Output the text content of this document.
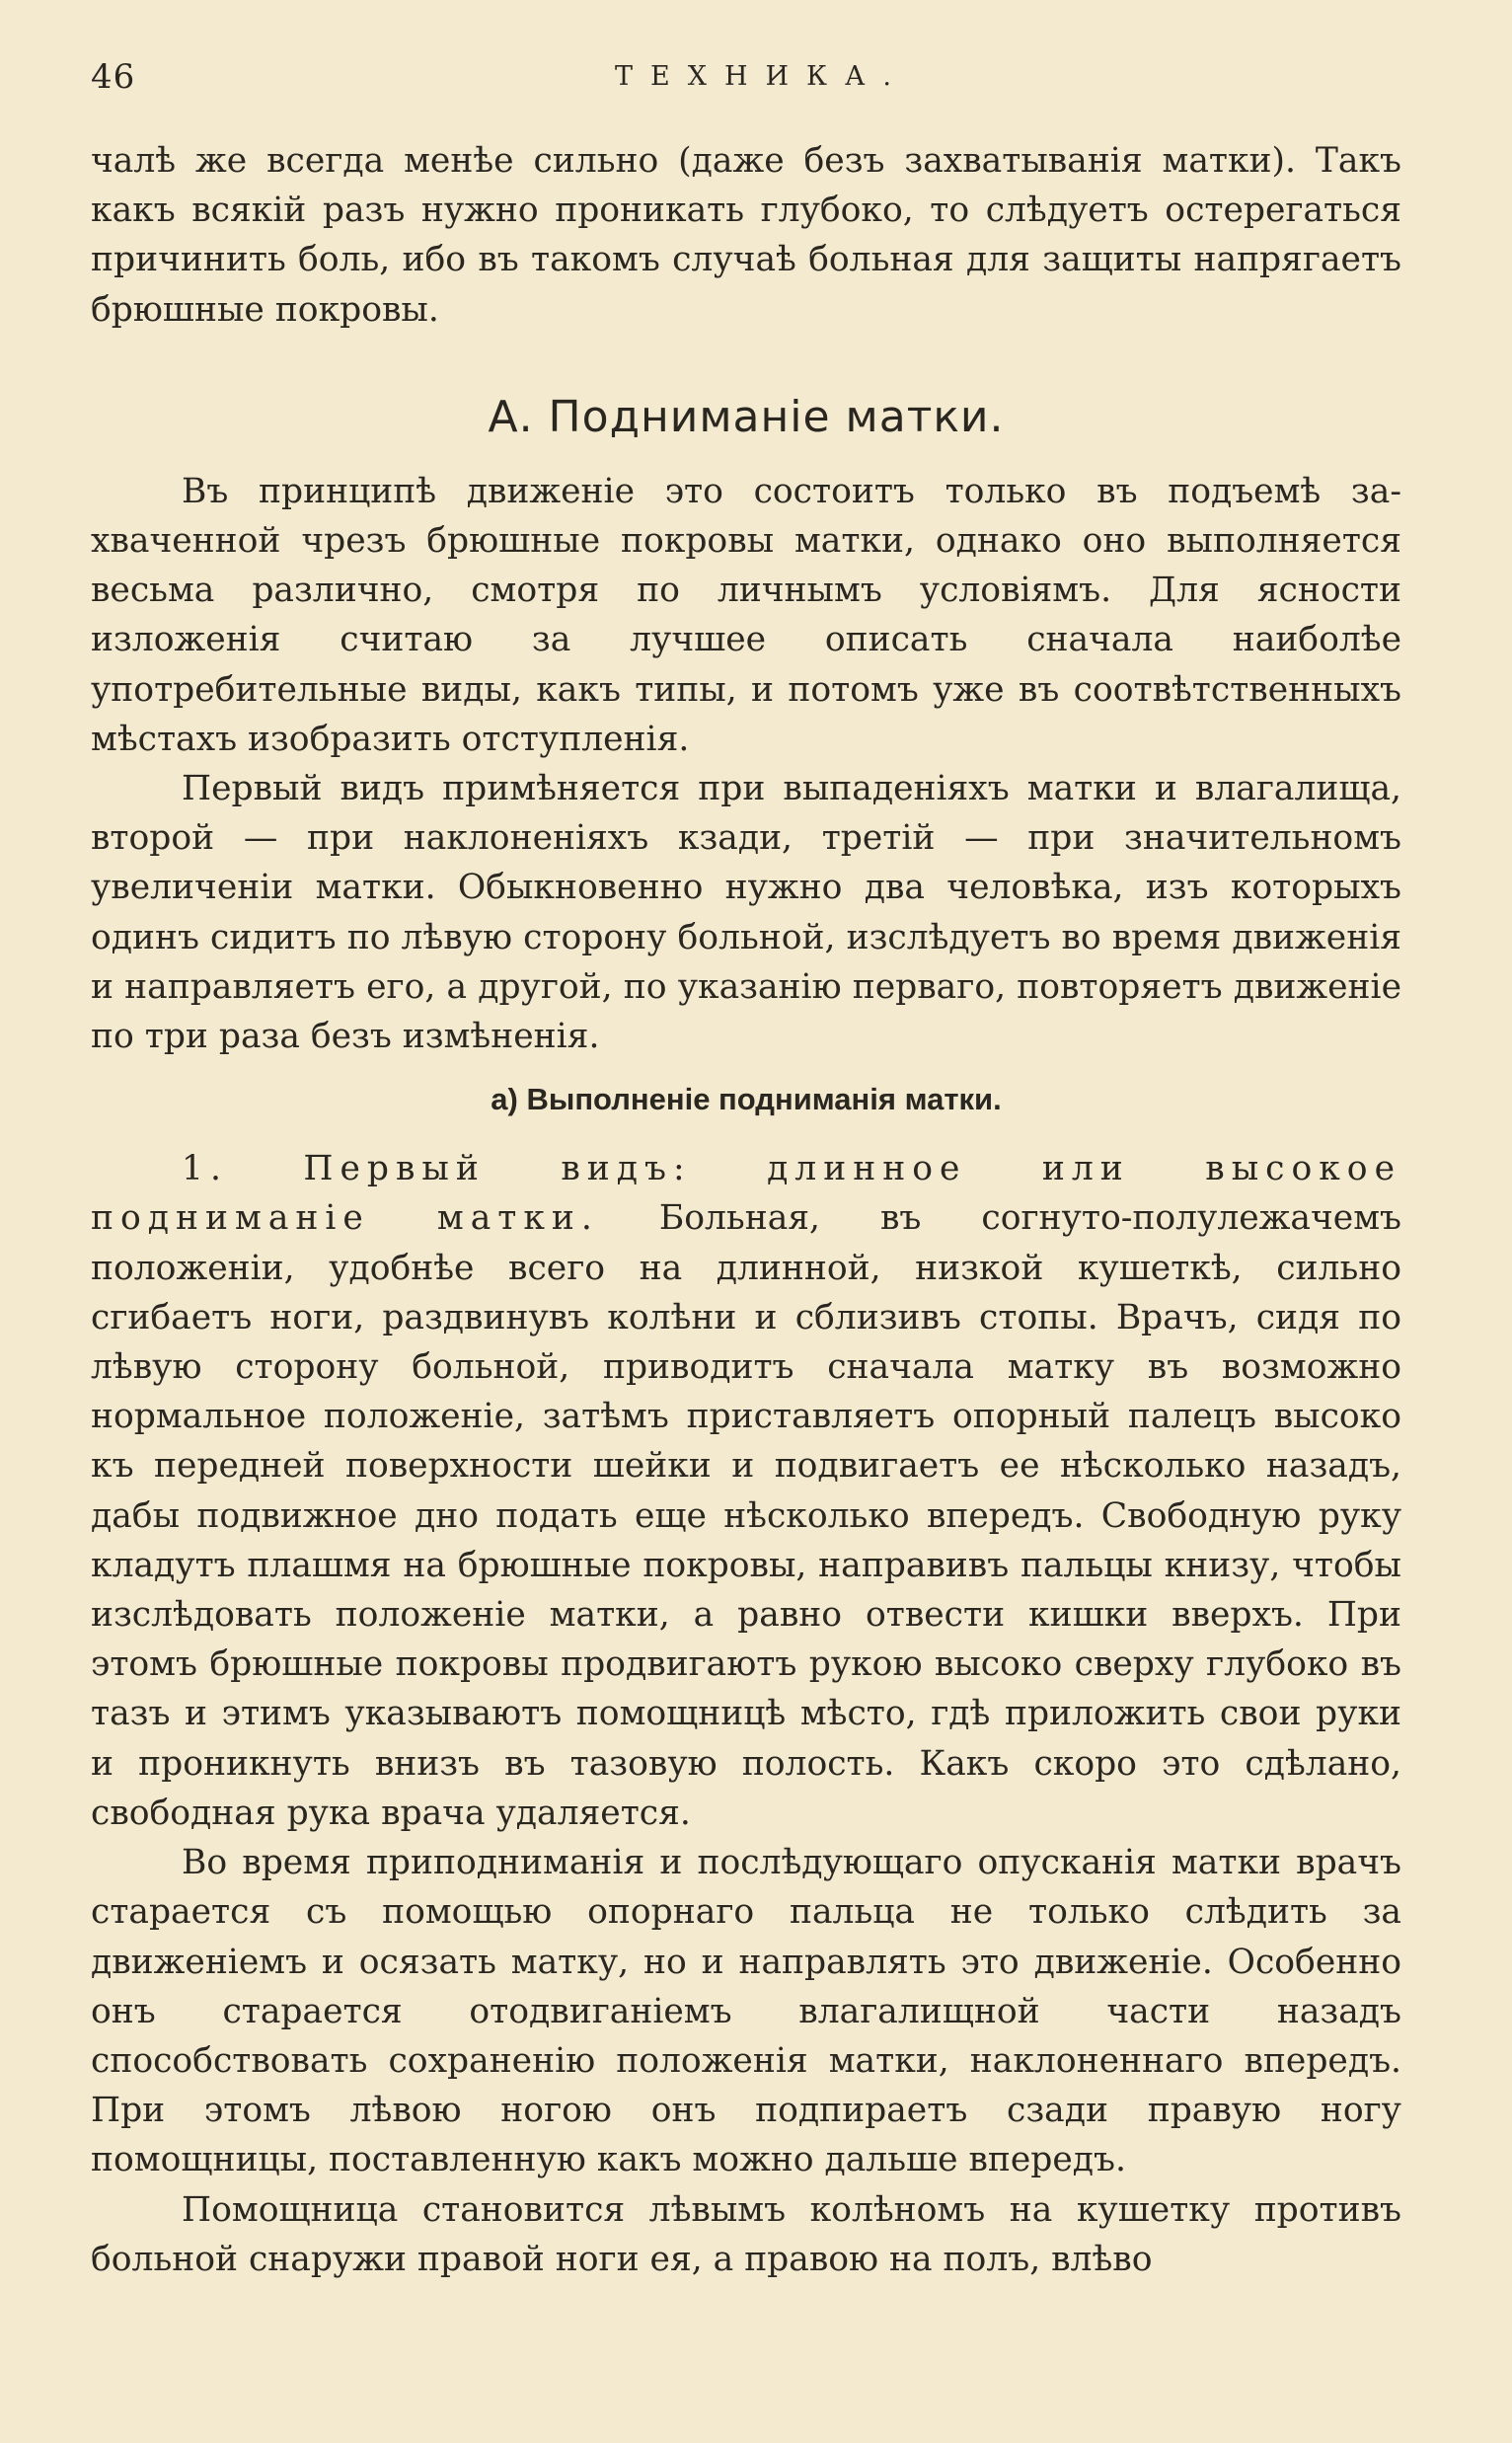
46	ТЕХНИКА.

чалѣ же всегда менѣе сильно (даже безъ захватыванія матки). Такъ какъ всякій разъ нужно проникать глубоко, то слѣдуетъ остерегаться причинить боль, ибо въ такомъ случаѣ больная для защиты напрягаетъ брюшные покровы.

А. Подниманіе матки.

Въ принципѣ движеніе это состоитъ только въ подъемѣ захваченной чрезъ брюшные покровы матки, однако оно выполняется весьма различно, смотря по личнымъ условіямъ. Для ясности изложенія считаю за лучшее описать сначала наиболѣе употребительные виды, какъ типы, и потомъ уже въ соотвѣтственныхъ мѣстахъ изобразить отступленія.

Первый видъ примѣняется при выпаденіяхъ матки и влагалища, второй — при наклоненіяхъ кзади, третій — при значительномъ увеличеніи матки. Обыкновенно нужно два человѣка, изъ которыхъ одинъ сидитъ по лѣвую сторону больной, изслѣдуетъ во время движенія и направляетъ его, а другой, по указанію перваго, повторяетъ движеніе по три раза безъ измѣненія.

а) Выполненіе подниманія матки.

1. Первый видъ: длинное или высокое подниманіе матки. Больная, въ согнуто-полулежачемъ положеніи, удобнѣе всего на длинной, низкой кушеткѣ, сильно сгибаетъ ноги, раздвинувъ колѣни и сблизивъ стопы. Врачъ, сидя по лѣвую сторону больной, приводитъ сначала матку въ возможно нормальное положеніе, затѣмъ приставляетъ опорный палецъ высоко къ передней поверхности шейки и подвигаетъ ее нѣсколько назадъ, дабы подвижное дно подать еще нѣсколько впередъ. Свободную руку кладутъ плашмя на брюшные покровы, направивъ пальцы книзу, чтобы изслѣдовать положеніе матки, а равно отвести кишки вверхъ. При этомъ брюшные покровы продвигаютъ рукою высоко сверху глубоко въ тазъ и этимъ указываютъ помощницѣ мѣсто, гдѣ приложить свои руки и проникнуть внизъ въ тазовую полость. Какъ скоро это сдѣлано, свободная рука врача удаляется.

Во время приподниманія и послѣдующаго опусканія матки врачъ старается съ помощью опорнаго пальца не только слѣдить за движеніемъ и осязать матку, но и направлять это движеніе. Особенно онъ старается отодвиганіемъ влагалищной части назадъ способствовать сохраненію положенія матки, наклоненнаго впередъ. При этомъ лѣвою ногою онъ подпираетъ сзади правую ногу помощницы, поставленную какъ можно дальше впередъ.

Помощница становится лѣвымъ колѣномъ на кушетку противъ больной снаружи правой ноги ея, а правою на полъ, влѣво
